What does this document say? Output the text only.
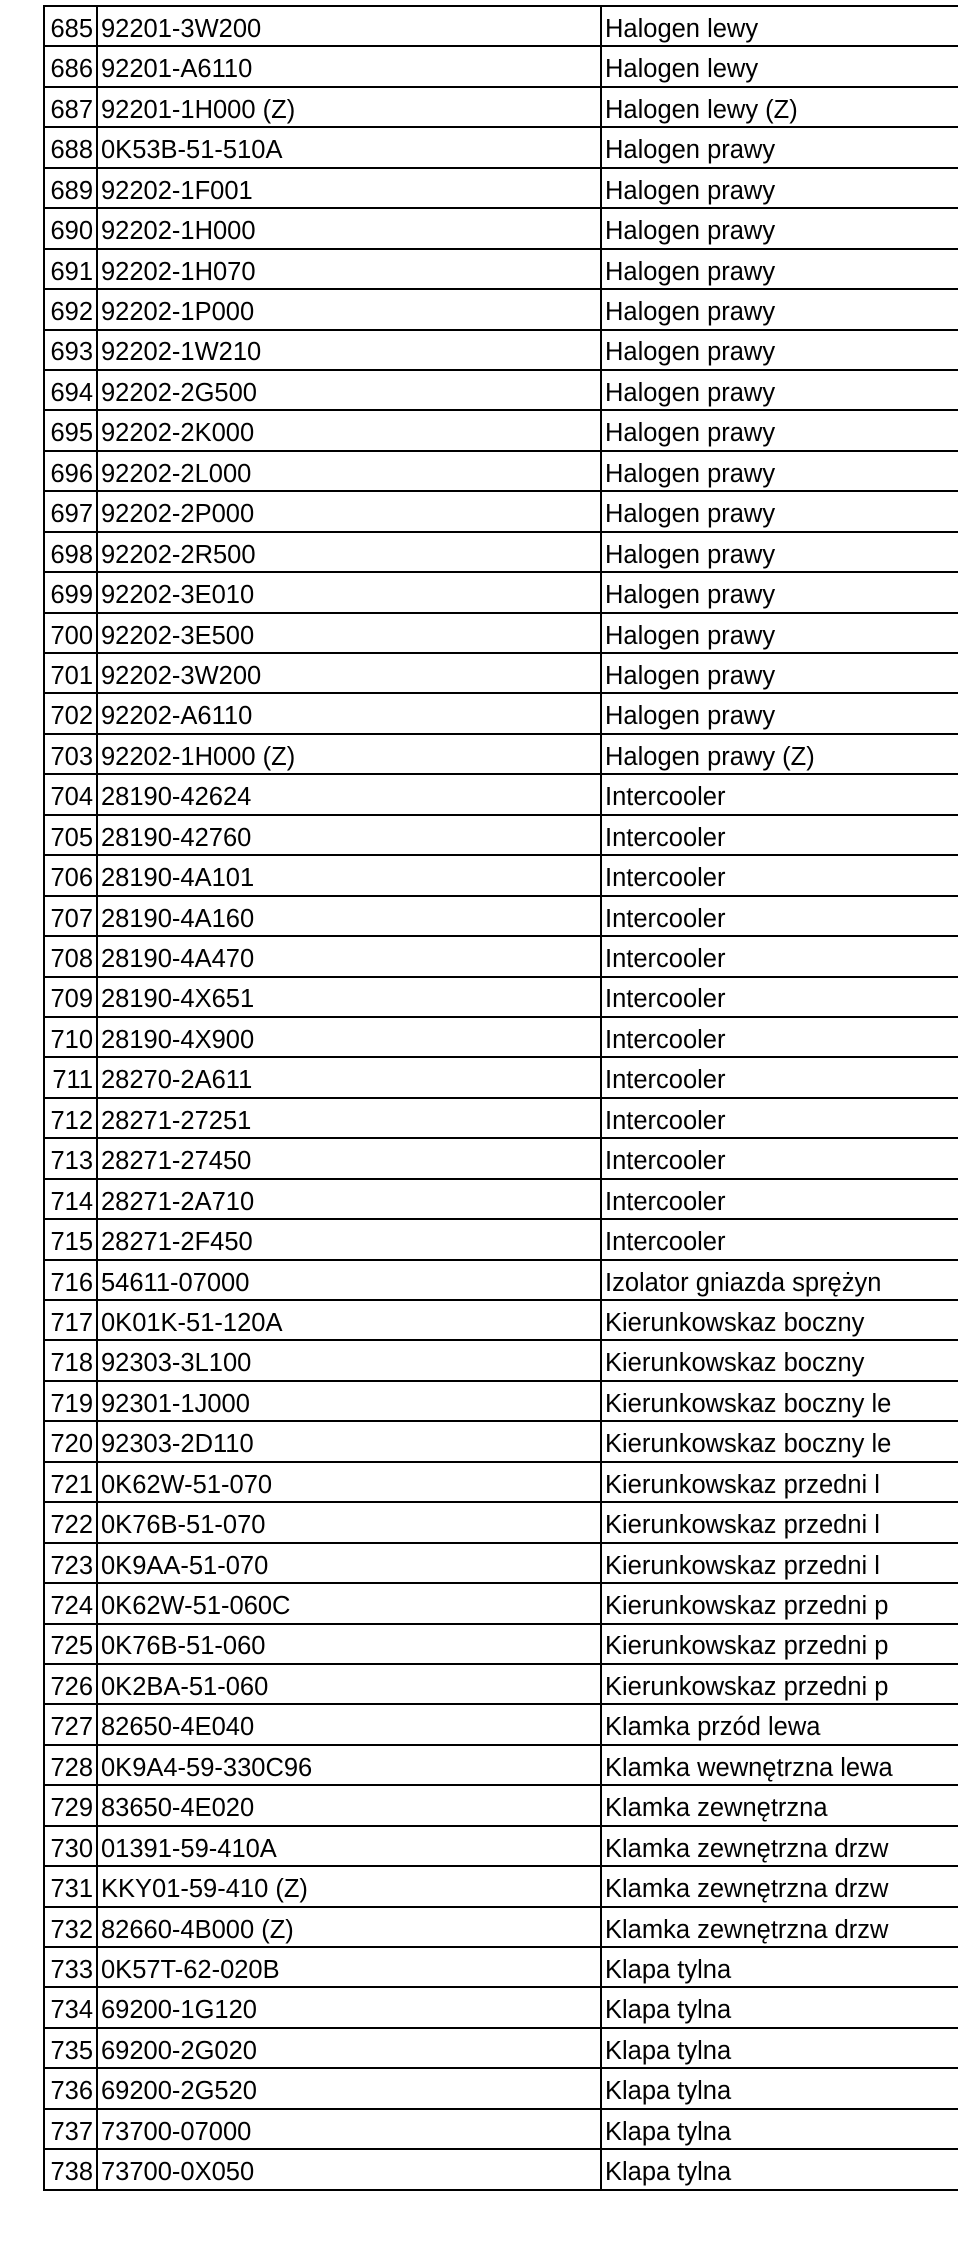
685	92201-3W200	Halogen lewy
686	92201-A6110	Halogen lewy
687	92201-1H000 (Z)	Halogen lewy (Z)
688	0K53B-51-510A	Halogen prawy
689	92202-1F001	Halogen prawy
690	92202-1H000	Halogen prawy
691	92202-1H070	Halogen prawy
692	92202-1P000	Halogen prawy
693	92202-1W210	Halogen prawy
694	92202-2G500	Halogen prawy
695	92202-2K000	Halogen prawy
696	92202-2L000	Halogen prawy
697	92202-2P000	Halogen prawy
698	92202-2R500	Halogen prawy
699	92202-3E010	Halogen prawy
700	92202-3E500	Halogen prawy
701	92202-3W200	Halogen prawy
702	92202-A6110	Halogen prawy
703	92202-1H000 (Z)	Halogen prawy (Z)
704	28190-42624	Intercooler
705	28190-42760	Intercooler
706	28190-4A101	Intercooler
707	28190-4A160	Intercooler
708	28190-4A470	Intercooler
709	28190-4X651	Intercooler
710	28190-4X900	Intercooler
711	28270-2A611	Intercooler
712	28271-27251	Intercooler
713	28271-27450	Intercooler
714	28271-2A710	Intercooler
715	28271-2F450	Intercooler
716	54611-07000	Izolator gniazda sprężyn
717	0K01K-51-120A	Kierunkowskaz boczny
718	92303-3L100	Kierunkowskaz boczny
719	92301-1J000	Kierunkowskaz boczny le
720	92303-2D110	Kierunkowskaz boczny le
721	0K62W-51-070	Kierunkowskaz przedni l
722	0K76B-51-070	Kierunkowskaz przedni l
723	0K9AA-51-070	Kierunkowskaz przedni l
724	0K62W-51-060C	Kierunkowskaz przedni p
725	0K76B-51-060	Kierunkowskaz przedni p
726	0K2BA-51-060	Kierunkowskaz przedni p
727	82650-4E040	Klamka przód lewa
728	0K9A4-59-330C96	Klamka wewnętrzna lewa
729	83650-4E020	Klamka zewnętrzna
730	01391-59-410A	Klamka zewnętrzna drzw
731	KKY01-59-410 (Z)	Klamka zewnętrzna drzw
732	82660-4B000 (Z)	Klamka zewnętrzna drzw
733	0K57T-62-020B	Klapa tylna
734	69200-1G120	Klapa tylna
735	69200-2G020	Klapa tylna
736	69200-2G520	Klapa tylna
737	73700-07000	Klapa tylna
738	73700-0X050	Klapa tylna
